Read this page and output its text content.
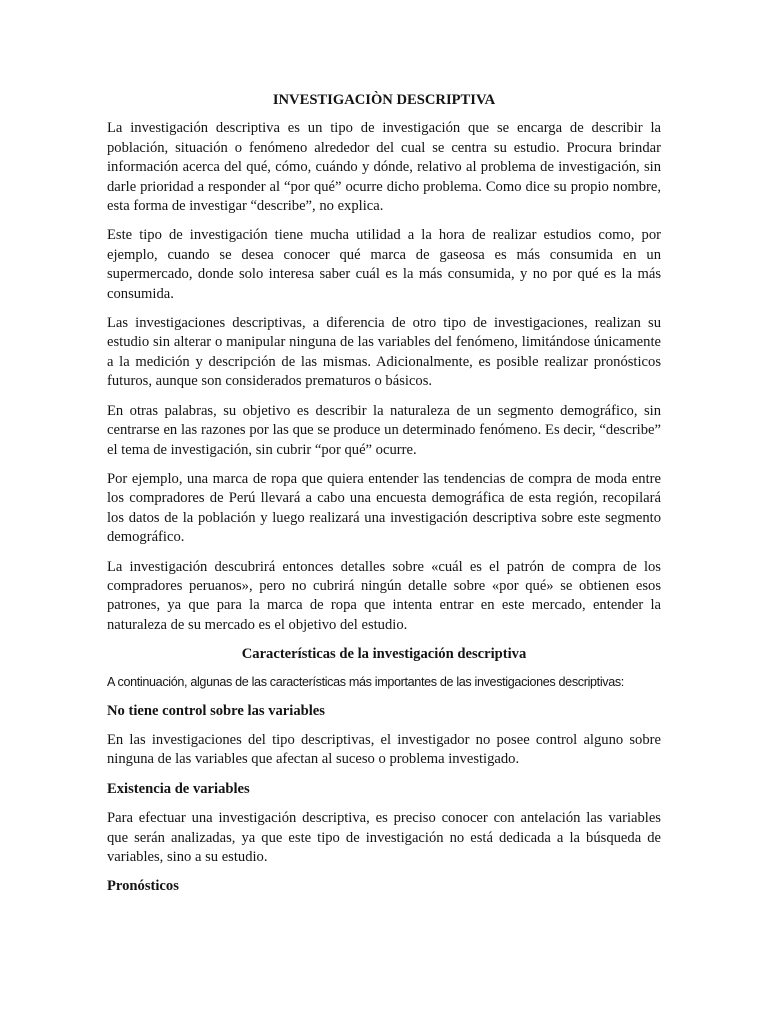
INVESTIGACIÒN DESCRIPTIVA

La investigación descriptiva es un tipo de investigación que se encarga de describir la población, situación o fenómeno alrededor del cual se centra su estudio. Procura brindar información acerca del qué, cómo, cuándo y dónde, relativo al problema de investigación, sin darle prioridad a responder al “por qué” ocurre dicho problema. Como dice su propio nombre, esta forma de investigar “describe”, no explica.

Este tipo de investigación tiene mucha utilidad a la hora de realizar estudios como, por ejemplo, cuando se desea conocer qué marca de gaseosa es más consumida en un supermercado, donde solo interesa saber cuál es la más consumida, y no por qué es la más consumida.

Las investigaciones descriptivas, a diferencia de otro tipo de investigaciones, realizan su estudio sin alterar o manipular ninguna de las variables del fenómeno, limitándose únicamente a la medición y descripción de las mismas. Adicionalmente, es posible realizar pronósticos futuros, aunque son considerados prematuros o básicos.

En otras palabras, su objetivo es describir la naturaleza de un segmento demográfico, sin centrarse en las razones por las que se produce un determinado fenómeno. Es decir, “describe” el tema de investigación, sin cubrir “por qué” ocurre.

Por ejemplo, una marca de ropa que quiera entender las tendencias de compra de moda entre los compradores de Perú llevará a cabo una encuesta demográfica de esta región, recopilará los datos de la población y luego realizará una investigación descriptiva sobre este segmento demográfico.

La investigación descubrirá entonces detalles sobre «cuál es el patrón de compra de los compradores peruanos», pero no cubrirá ningún detalle sobre «por qué» se obtienen esos patrones, ya que para la marca de ropa que intenta entrar en este mercado, entender la naturaleza de su mercado es el objetivo del estudio.

Características de la investigación descriptiva
A continuación, algunas de las características más importantes de las investigaciones descriptivas:
No tiene control sobre las variables

En las investigaciones del tipo descriptivas, el investigador no posee control alguno sobre ninguna de las variables que afectan al suceso o problema investigado.

Existencia de variables

Para efectuar una investigación descriptiva, es preciso conocer con antelación las variables que serán analizadas, ya que este tipo de investigación no está dedicada a la búsqueda de variables, sino a su estudio.

Pronósticos
